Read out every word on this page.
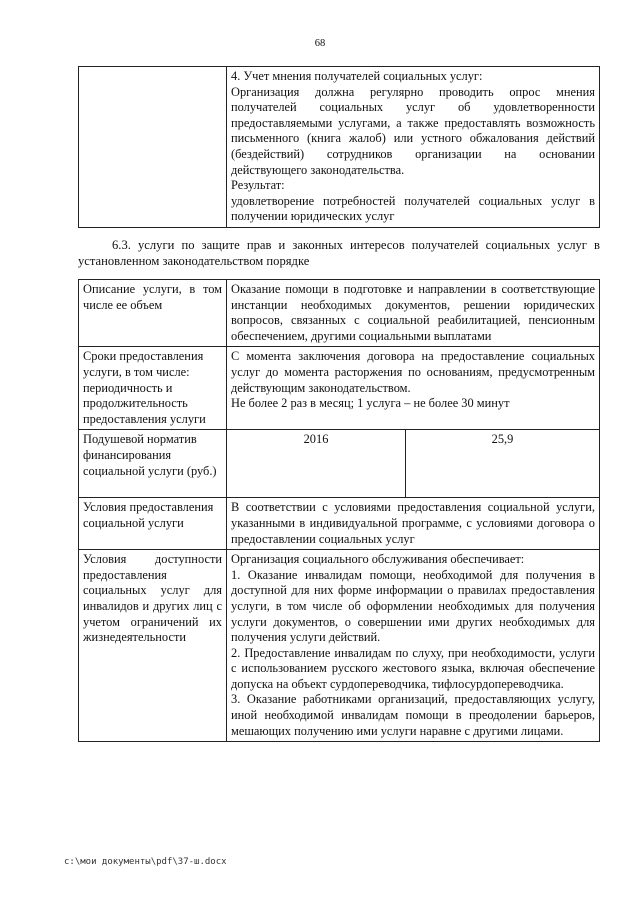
68

4. Учет мнения получателей социальных услуг:

Организация должна регулярно проводить опрос мнения получателей социальных услуг об удовлетворенности предоставляемыми услугами, а также предоставлять возможность письменного (книга жалоб) или устного обжалования действий (бездействий) сотрудников организации на основании действующего законодательства.

Результат:

удовлетворение потребностей получателей социальных услуг в получении юридических услуг

6.3. услуги по защите прав и законных интересов получателей социальных услуг в установленном законодательством порядке

Описание услуги, в том числе ее объем	Оказание помощи в подготовке и направлении в соответствующие инстанции необходимых документов, решении юридических вопросов, связанных с социальной реабилитацией, пенсионным обеспечением, другими социальными выплатами	
Сроки предоставления услуги, в том числе: периодичность и продолжительность предоставления услуги	С момента заключения договора на предоставление социальных услуг до момента расторжения по основаниям, предусмотренным действующим законодательством.

Не более 2 раз в месяц; 1 услуга – не более 30 минут	

Подушевой норматив финансирования социальной услуги (руб.)	2016	25,9
Условия предоставления социальной услуги	В соответствии с условиями предоставления социальной услуги, указанными в индивидуальной программе, с условиями договора о предоставлении социальных услуг	
Условия доступности предоставления социальных услуг для инвалидов и других лиц с учетом ограничений их жизнедеятельности	Организация социального обслуживания обеспечивает:

1. Оказание инвалидам помощи, необходимой для получения в доступной для них форме информации о правилах предоставления услуги, в том числе об оформлении необходимых для получения услуги документов, о совершении ими других необходимых для получения услуги действий.

2. Предоставление инвалидам по слуху, при необходимости, услуги с использованием русского жестового языка, включая обеспечение допуска на объект сурдопереводчика, тифлосурдопереводчика.

3. Оказание работниками организаций, предоставляющих услугу, иной необходимой инвалидам помощи в преодолении барьеров, мешающих получению ими услуги наравне с другими лицами.	

c:\мои документы\pdf\37-ш.docx
